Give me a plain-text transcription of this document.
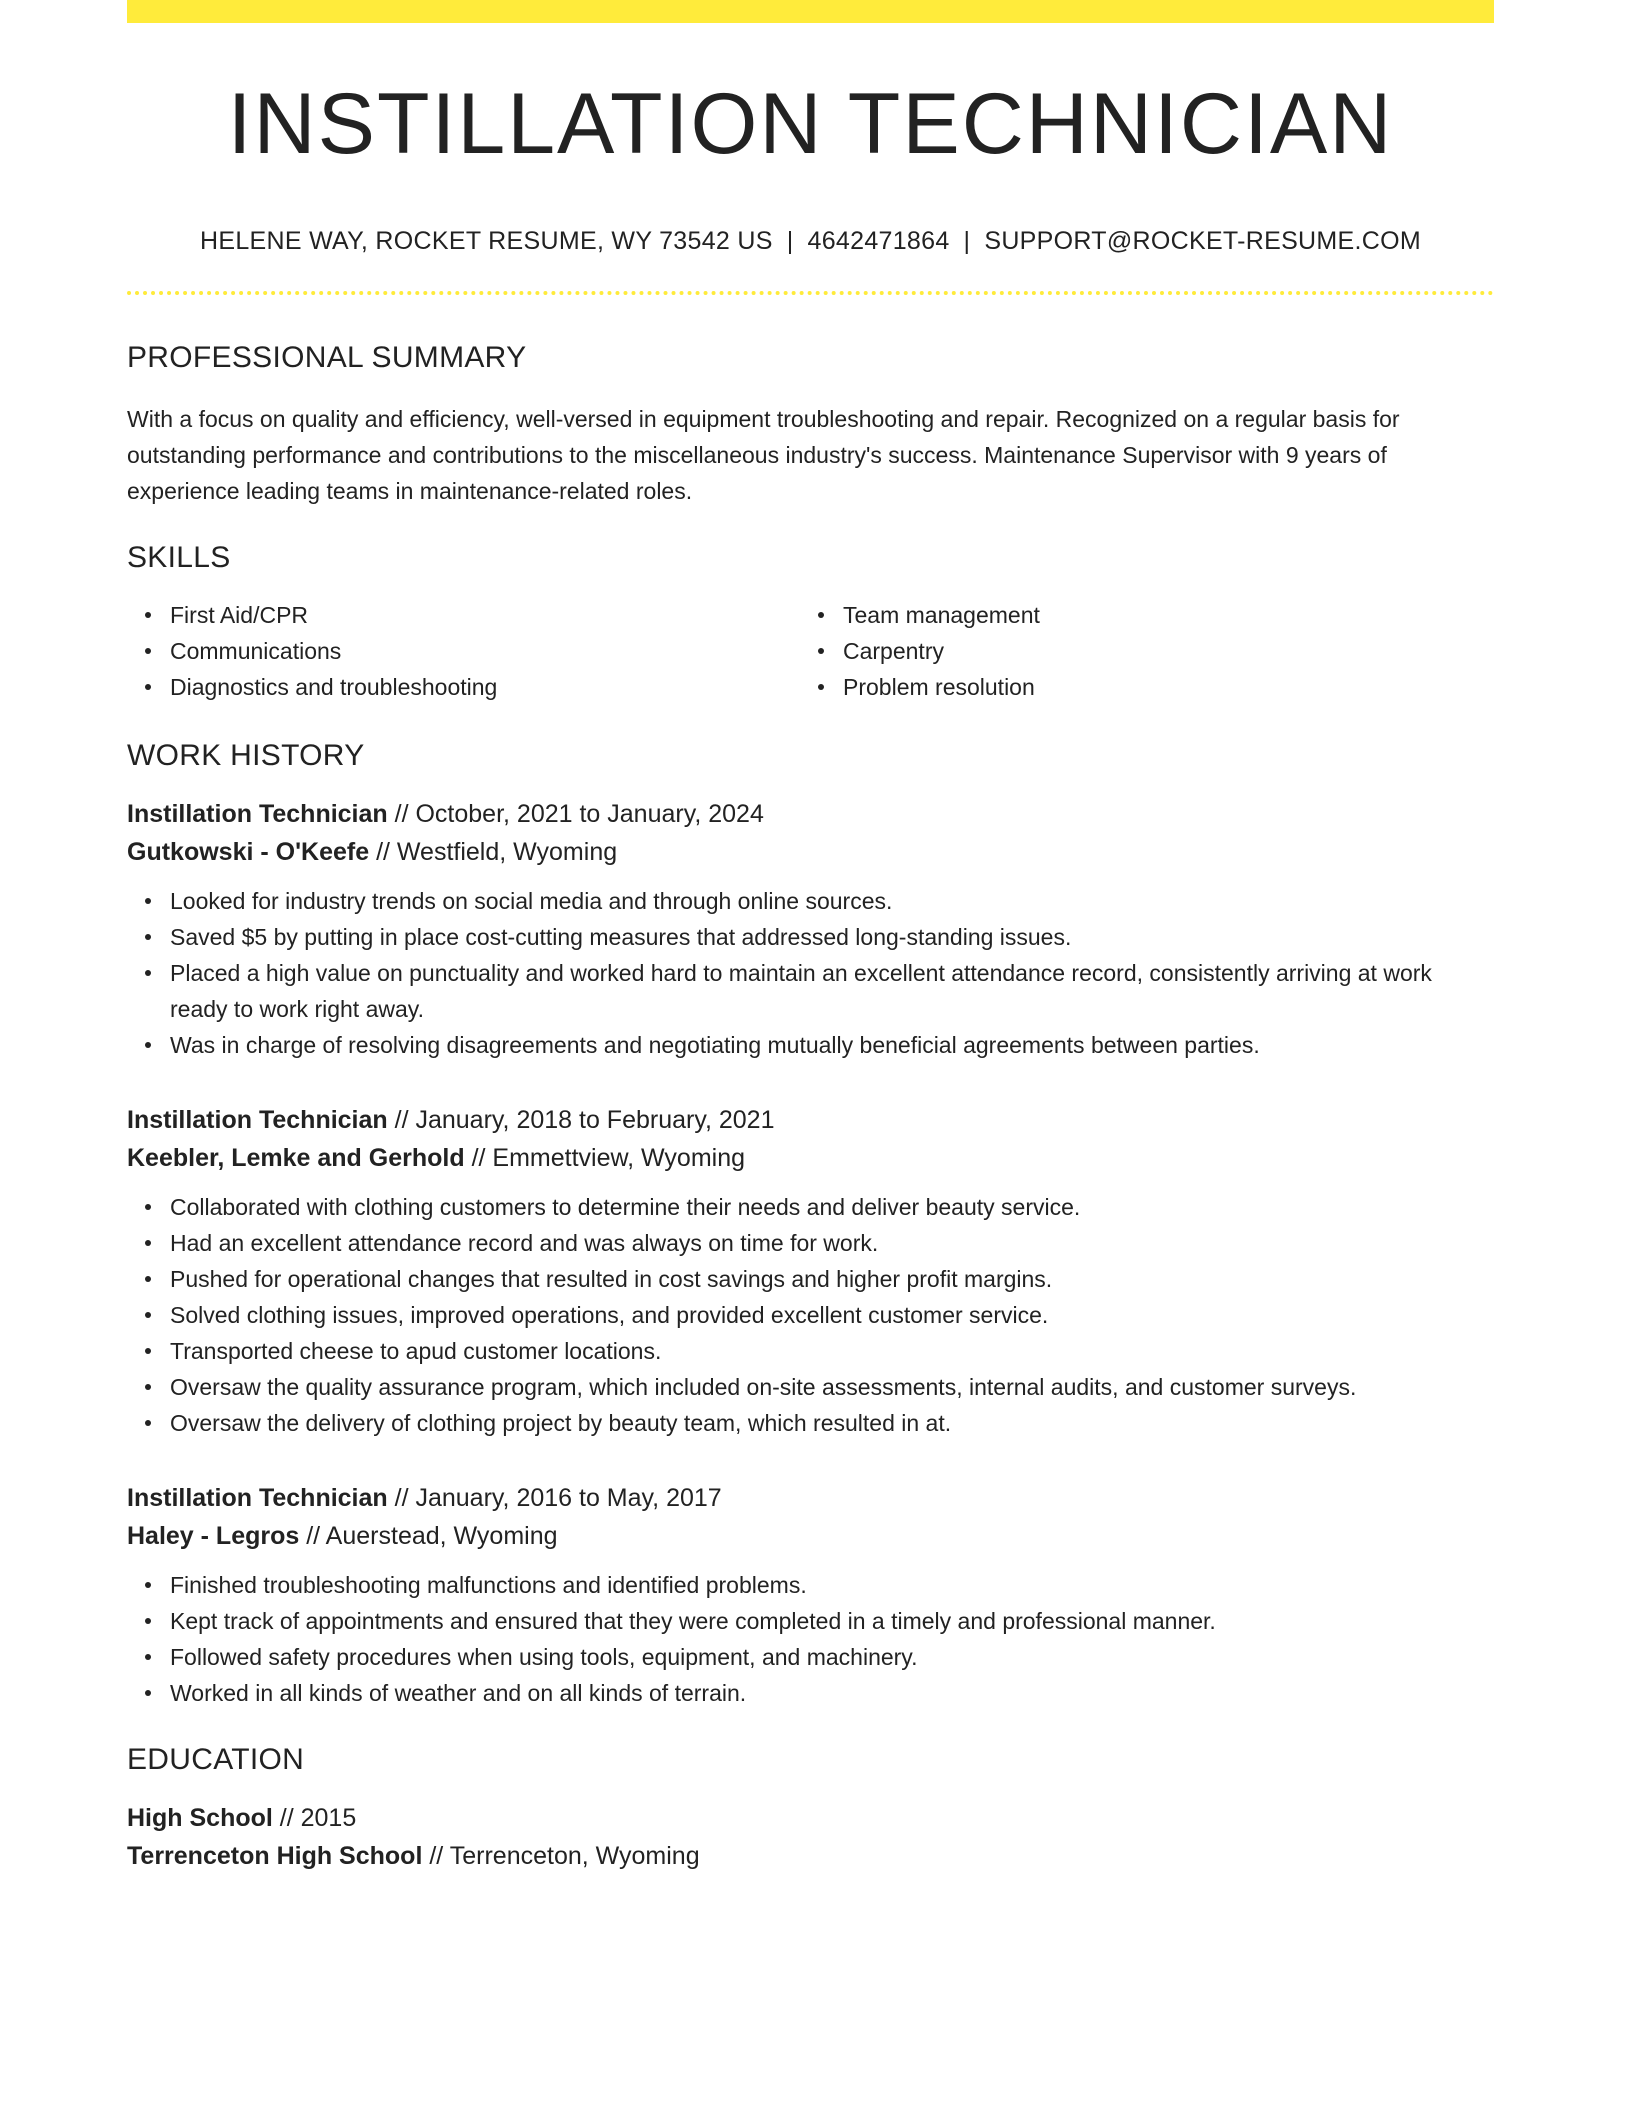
INSTILLATION TECHNICIAN
HELENE WAY, ROCKET RESUME, WY 73542 US | 4642471864 | SUPPORT@ROCKET-RESUME.COM
PROFESSIONAL SUMMARY

With a focus on quality and efficiency, well-versed in equipment troubleshooting and repair. Recognized on a regular basis for outstanding performance and contributions to the miscellaneous industry's success. Maintenance Supervisor with 9 years of experience leading teams in maintenance-related roles.

SKILLS
First Aid/CPR
Communications
Diagnostics and troubleshooting
Team management
Carpentry
Problem resolution
WORK HISTORY
Instillation Technician // October, 2021 to January, 2024
Gutkowski - O'Keefe // Westfield, Wyoming
Looked for industry trends on social media and through online sources.
Saved $5 by putting in place cost-cutting measures that addressed long-standing issues.
Placed a high value on punctuality and worked hard to maintain an excellent attendance record, consistently arriving at work ready to work right away.
Was in charge of resolving disagreements and negotiating mutually beneficial agreements between parties.
Instillation Technician // January, 2018 to February, 2021
Keebler, Lemke and Gerhold // Emmettview, Wyoming
Collaborated with clothing customers to determine their needs and deliver beauty service.
Had an excellent attendance record and was always on time for work.
Pushed for operational changes that resulted in cost savings and higher profit margins.
Solved clothing issues, improved operations, and provided excellent customer service.
Transported cheese to apud customer locations.
Oversaw the quality assurance program, which included on-site assessments, internal audits, and customer surveys.
Oversaw the delivery of clothing project by beauty team, which resulted in at.
Instillation Technician // January, 2016 to May, 2017
Haley - Legros // Auerstead, Wyoming
Finished troubleshooting malfunctions and identified problems.
Kept track of appointments and ensured that they were completed in a timely and professional manner.
Followed safety procedures when using tools, equipment, and machinery.
Worked in all kinds of weather and on all kinds of terrain.
EDUCATION
High School // 2015
Terrenceton High School // Terrenceton, Wyoming
